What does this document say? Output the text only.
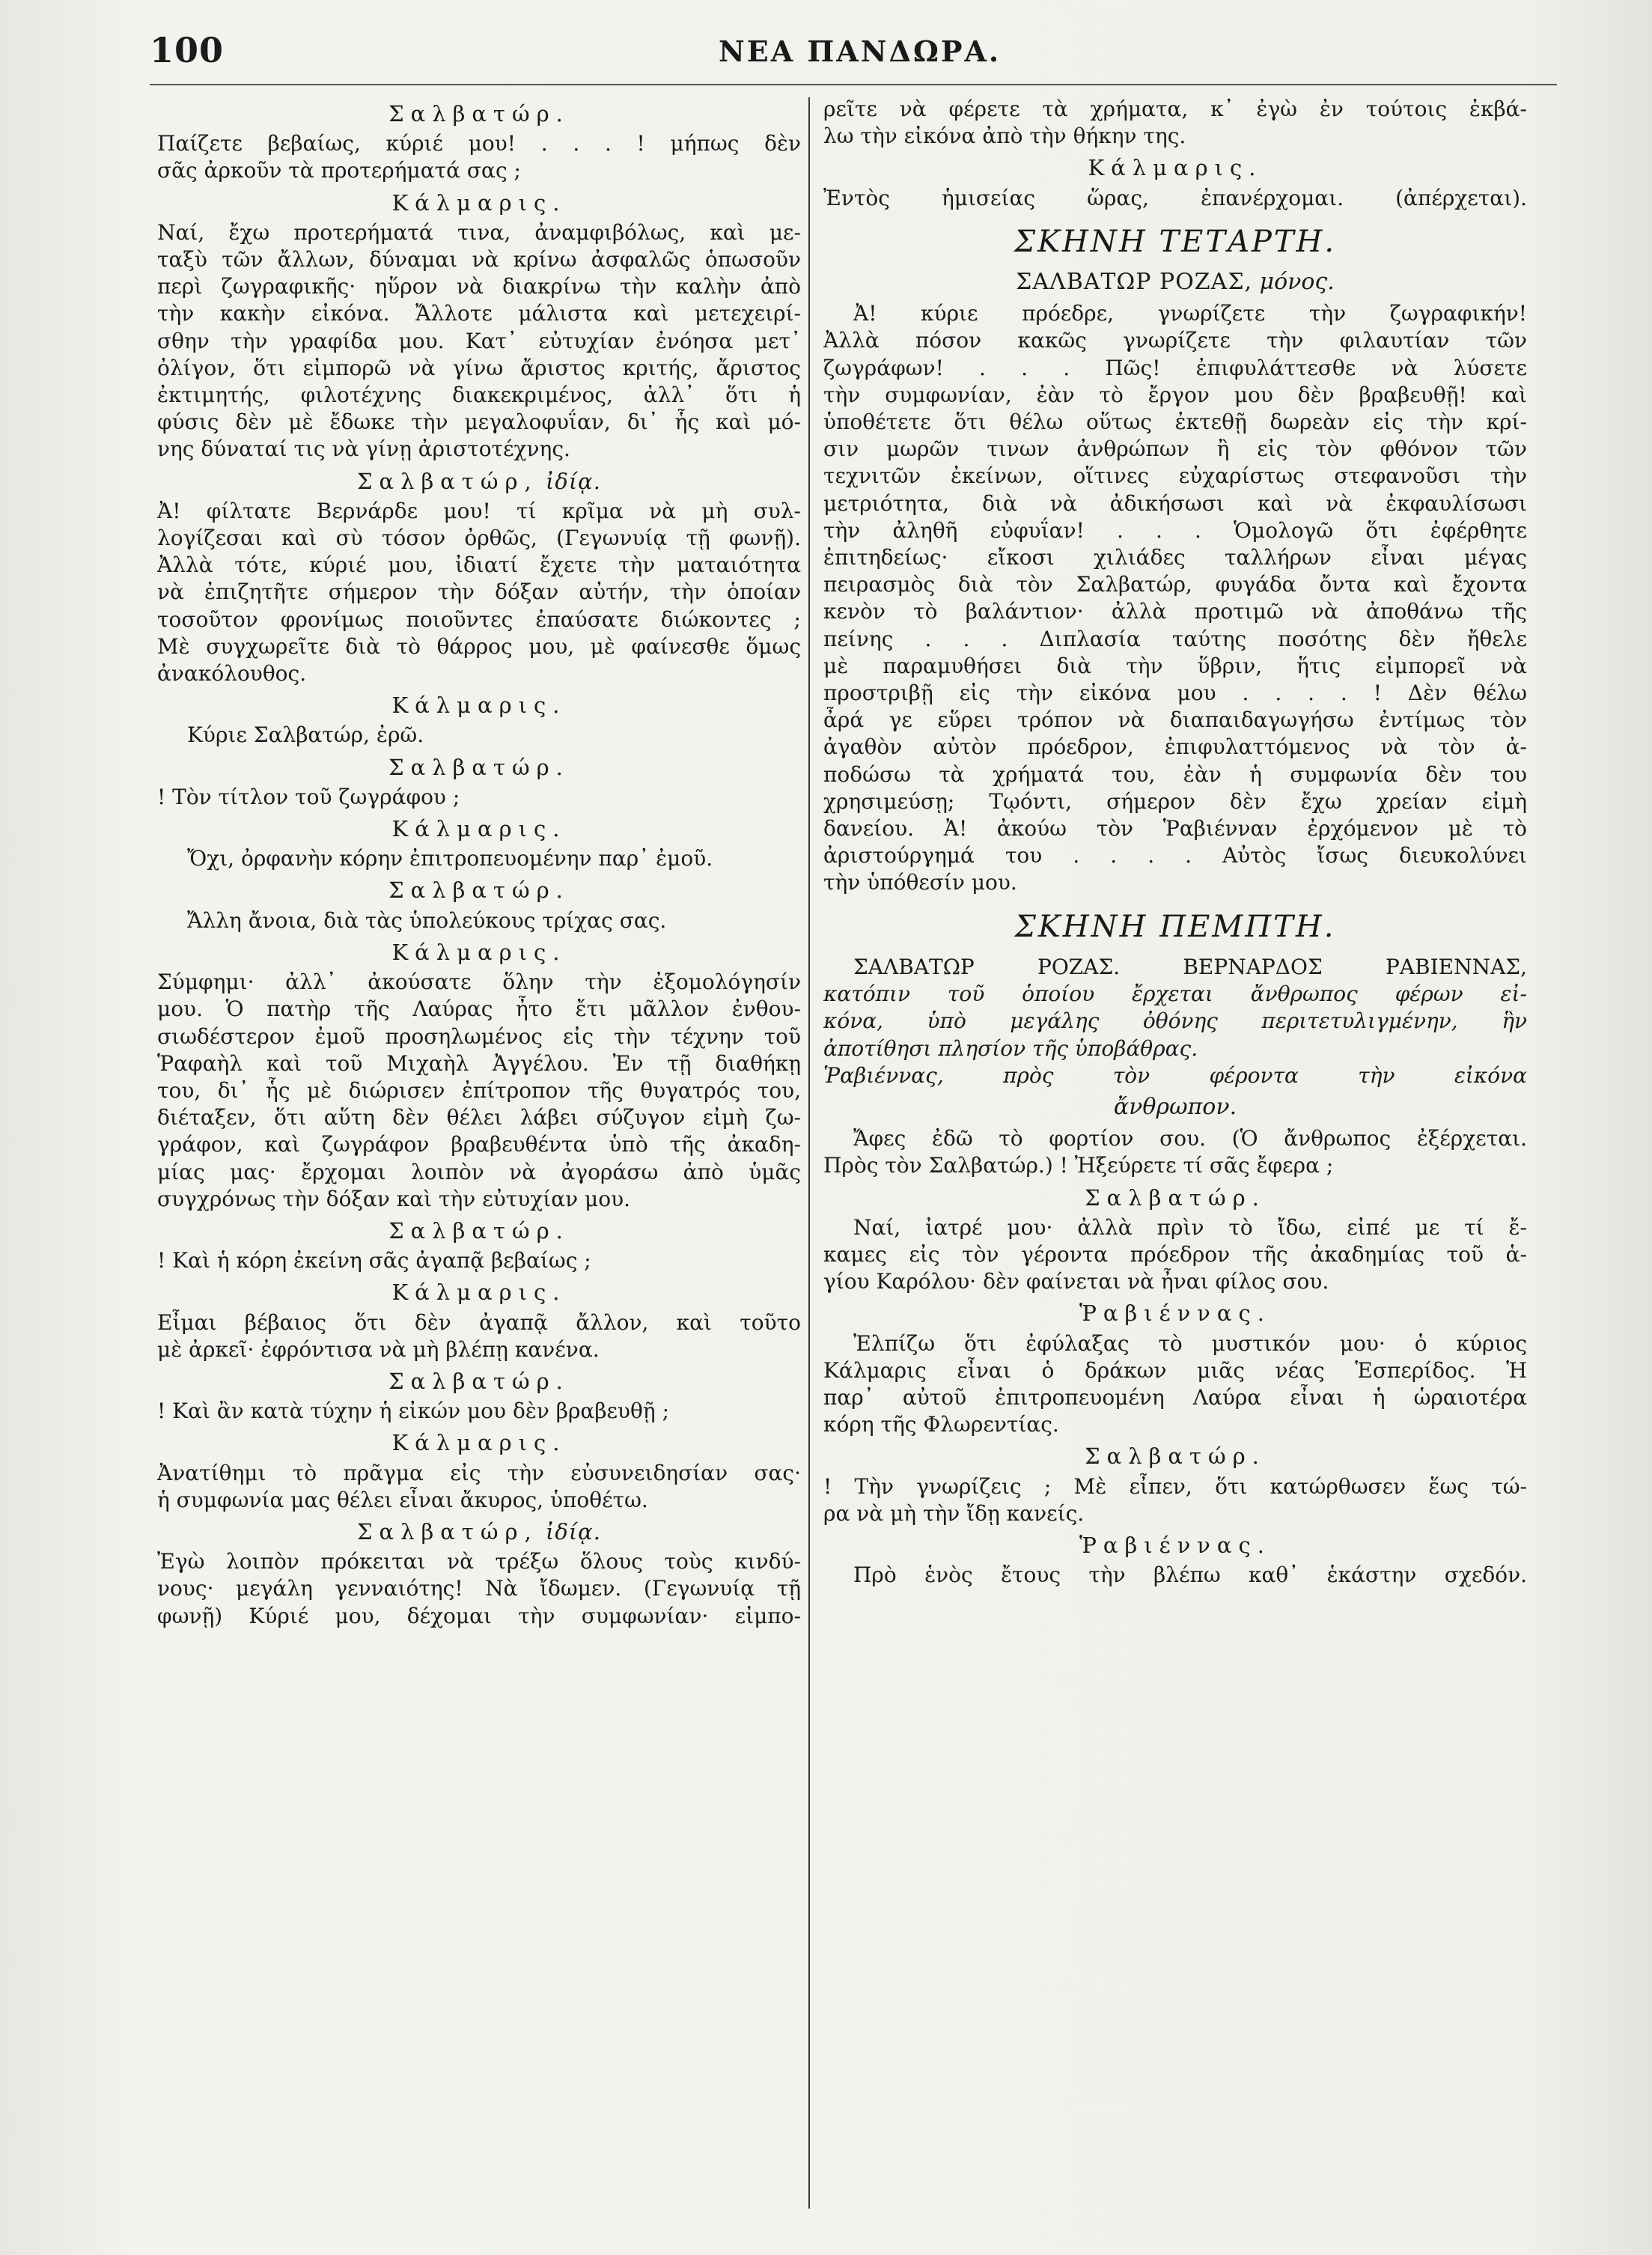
100	ΝΕΑ ΠΑΝΔΩΡΑ.
Σαλβατώρ.
Παίζετε βεβαίως, κύριέ μου! . . . ! μήπως δὲν
σᾶς ἀρκοῦν τὰ προτερήματά σας ;
Κάλμαρις.
Ναί, ἔχω προτερήματά τινα, ἀναμφιβόλως, καὶ με-
ταξὺ τῶν ἄλλων, δύναμαι νὰ κρίνω ἀσφαλῶς ὁπωσοῦν
περὶ ζωγραφικῆς· ηὕρον νὰ διακρίνω τὴν καλὴν ἀπὸ
τὴν κακὴν εἰκόνα. Ἄλλοτε μάλιστα καὶ μετεχειρί-
σθην τὴν γραφίδα μου. Κατ᾿ εὐτυχίαν ἐνόησα μετ᾿
ὀλίγον, ὅτι εἰμπορῶ νὰ γίνω ἄριστος κριτής, ἄριστος
ἐκτιμητής, φιλοτέχνης διακεκριμένος, ἀλλ᾿ ὅτι ἡ
φύσις δὲν μὲ ἔδωκε τὴν μεγαλοφυΐαν, δι᾿ ἧς καὶ μό-
νης δύναταί τις νὰ γίνῃ ἀριστοτέχνης.
Σαλβατώρ, ἰδίᾳ.
Ἀ! φίλτατε Βερνάρδε μου! τί κρῖμα νὰ μὴ συλ-
λογίζεσαι καὶ σὺ τόσον ὀρθῶς, (Γεγωνυίᾳ τῇ φωνῇ).
Ἀλλὰ τότε, κύριέ μου, ἰδιατί ἔχετε τὴν ματαιότητα
νὰ ἐπιζητῆτε σήμερον τὴν δόξαν αὐτήν, τὴν ὁποίαν
τοσοῦτον φρονίμως ποιοῦντες ἐπαύσατε διώκοντες ;
Μὲ συγχωρεῖτε διὰ τὸ θάρρος μου, μὲ φαίνεσθε ὅμως
ἀνακόλουθος.
Κάλμαρις.
Κύριε Σαλβατώρ, ἐρῶ.
Σαλβατώρ.
! Τὸν τίτλον τοῦ ζωγράφου ;
Κάλμαρις.
Ὄχι, ὀρφανὴν κόρην ἐπιτροπευομένην παρ᾿ ἐμοῦ.
Σαλβατώρ.
Ἄλλη ἄνοια, διὰ τὰς ὑπολεύκους τρίχας σας.
Κάλμαρις.
Σύμφημι· ἀλλ᾿ ἀκούσατε ὅλην τὴν ἐξομολόγησίν
μου. Ὁ πατὴρ τῆς Λαύρας ἦτο ἔτι μᾶλλον ἐνθου-
σιωδέστερον ἐμοῦ προσηλωμένος εἰς τὴν τέχνην τοῦ
Ῥαφαὴλ καὶ τοῦ Μιχαὴλ Ἀγγέλου. Ἐν τῇ διαθήκῃ
του, δι᾿ ἧς μὲ διώρισεν ἐπίτροπον τῆς θυγατρός του,
διέταξεν, ὅτι αὕτη δὲν θέλει λάβει σύζυγον εἰμὴ ζω-
γράφον, καὶ ζωγράφον βραβευθέντα ὑπὸ τῆς ἀκαδη-
μίας μας· ἔρχομαι λοιπὸν νὰ ἀγοράσω ἀπὸ ὑμᾶς
συγχρόνως τὴν δόξαν καὶ τὴν εὐτυχίαν μου.
Σαλβατώρ.
! Καὶ ἡ κόρη ἐκείνη σᾶς ἀγαπᾷ βεβαίως ;
Κάλμαρις.
Εἶμαι βέβαιος ὅτι δὲν ἀγαπᾷ ἄλλον, καὶ τοῦτο
μὲ ἀρκεῖ· ἐφρόντισα νὰ μὴ βλέπῃ κανένα.
Σαλβατώρ.
! Καὶ ἂν κατὰ τύχην ἡ εἰκών μου δὲν βραβευθῇ ;
Κάλμαρις.
Ἀνατίθημι τὸ πρᾶγμα εἰς τὴν εὐσυνειδησίαν σας·
ἡ συμφωνία μας θέλει εἶναι ἄκυρος, ὑποθέτω.
Σαλβατώρ, ἰδίᾳ.
Ἐγὼ λοιπὸν πρόκειται νὰ τρέξω ὅλους τοὺς κινδύ-
νους· μεγάλη γενναιότης! Νὰ ἴδωμεν. (Γεγωνυίᾳ τῇ
φωνῇ) Κύριέ μου, δέχομαι τὴν συμφωνίαν· εἰμπο-
ρεῖτε νὰ φέρετε τὰ χρήματα, κ᾿ ἐγὼ ἐν τούτοις ἐκβά-
λω τὴν εἰκόνα ἀπὸ τὴν θήκην της.
Κάλμαρις.
Ἐντὸς ἡμισείας ὥρας, ἐπανέρχομαι. (ἀπέρχεται).
ΣΚΗΝΗ ΤΕΤΑΡΤΗ.
ΣΑΛΒΑΤΩΡ ΡΟΖΑΣ, μόνος.
Ἀ! κύριε πρόεδρε, γνωρίζετε τὴν ζωγραφικήν!
Ἀλλὰ πόσον κακῶς γνωρίζετε τὴν φιλαυτίαν τῶν
ζωγράφων! . . . Πῶς! ἐπιφυλάττεσθε νὰ λύσετε
τὴν συμφωνίαν, ἐὰν τὸ ἔργον μου δὲν βραβευθῇ! καὶ
ὑποθέτετε ὅτι θέλω οὕτως ἐκτεθῇ δωρεὰν εἰς τὴν κρί-
σιν μωρῶν τινων ἀνθρώπων ἢ εἰς τὸν φθόνον τῶν
τεχνιτῶν ἐκείνων, οἵτινες εὐχαρίστως στεφανοῦσι τὴν
μετριότητα, διὰ νὰ ἀδικήσωσι καὶ νὰ ἐκφαυλίσωσι
τὴν ἀληθῆ εὐφυΐαν! . . . Ὁμολογῶ ὅτι ἐφέρθητε
ἐπιτηδείως· εἴκοσι χιλιάδες ταλλήρων εἶναι μέγας
πειρασμὸς διὰ τὸν Σαλβατώρ, φυγάδα ὄντα καὶ ἔχοντα
κενὸν τὸ βαλάντιον· ἀλλὰ προτιμῶ νὰ ἀποθάνω τῆς
πείνης . . . Διπλασία ταύτης ποσότης δὲν ἤθελε
μὲ παραμυθήσει διὰ τὴν ὕβριν, ἥτις εἰμπορεῖ νὰ
προστριβῇ εἰς τὴν εἰκόνα μου . . . . ! Δὲν θέλω
ἆρά γε εὕρει τρόπον νὰ διαπαιδαγωγήσω ἐντίμως τὸν
ἀγαθὸν αὐτὸν πρόεδρον, ἐπιφυλαττόμενος νὰ τὸν ἀ-
ποδώσω τὰ χρήματά του, ἐὰν ἡ συμφωνία δὲν του
χρησιμεύσῃ; Τῳόντι, σήμερον δὲν ἔχω χρείαν εἰμὴ
δανείου. Ἀ! ἀκούω τὸν Ῥαβιένναν ἐρχόμενον μὲ τὸ
ἀριστούργημά του . . . . Αὐτὸς ἴσως διευκολύνει
τὴν ὑπόθεσίν μου.
ΣΚΗΝΗ ΠΕΜΠΤΗ.
ΣΑΛΒΑΤΩΡ ΡΟΖΑΣ. ΒΕΡΝΑΡΔΟΣ ΡΑΒΙΕΝΝΑΣ,
κατόπιν τοῦ ὁποίου ἔρχεται ἄνθρωπος φέρων εἰ-
κόνα, ὑπὸ μεγάλης ὀθόνης περιτετυλιγμένην, ἣν
ἀποτίθησι πλησίον τῆς ὑποβάθρας.
Ῥαβιέννας, πρὸς τὸν φέροντα τὴν εἰκόνα
ἄνθρωπον.
Ἄφες ἐδῶ τὸ φορτίον σου. (Ὁ ἄνθρωπος ἐξέρχεται.
Πρὸς τὸν Σαλβατώρ.) ! Ἠξεύρετε τί σᾶς ἔφερα ;
Σαλβατώρ.
Ναί, ἰατρέ μου· ἀλλὰ πρὶν τὸ ἴδω, εἰπέ με τί ἔ-
καμες εἰς τὸν γέροντα πρόεδρον τῆς ἀκαδημίας τοῦ ἁ-
γίου Καρόλου· δὲν φαίνεται νὰ ἦναι φίλος σου.
Ῥαβιέννας.
Ἐλπίζω ὅτι ἐφύλαξας τὸ μυστικόν μου· ὁ κύριος
Κάλμαρις εἶναι ὁ δράκων μιᾶς νέας Ἑσπερίδος. Ἡ
παρ᾿ αὐτοῦ ἐπιτροπευομένη Λαύρα εἶναι ἡ ὡραιοτέρα
κόρη τῆς Φλωρεντίας.
Σαλβατώρ.
! Τὴν γνωρίζεις ; Μὲ εἶπεν, ὅτι κατώρθωσεν ἕως τώ-
ρα νὰ μὴ τὴν ἴδῃ κανείς.
Ῥαβιέννας.
Πρὸ ἑνὸς ἔτους τὴν βλέπω καθ᾿ ἑκάστην σχεδόν.
